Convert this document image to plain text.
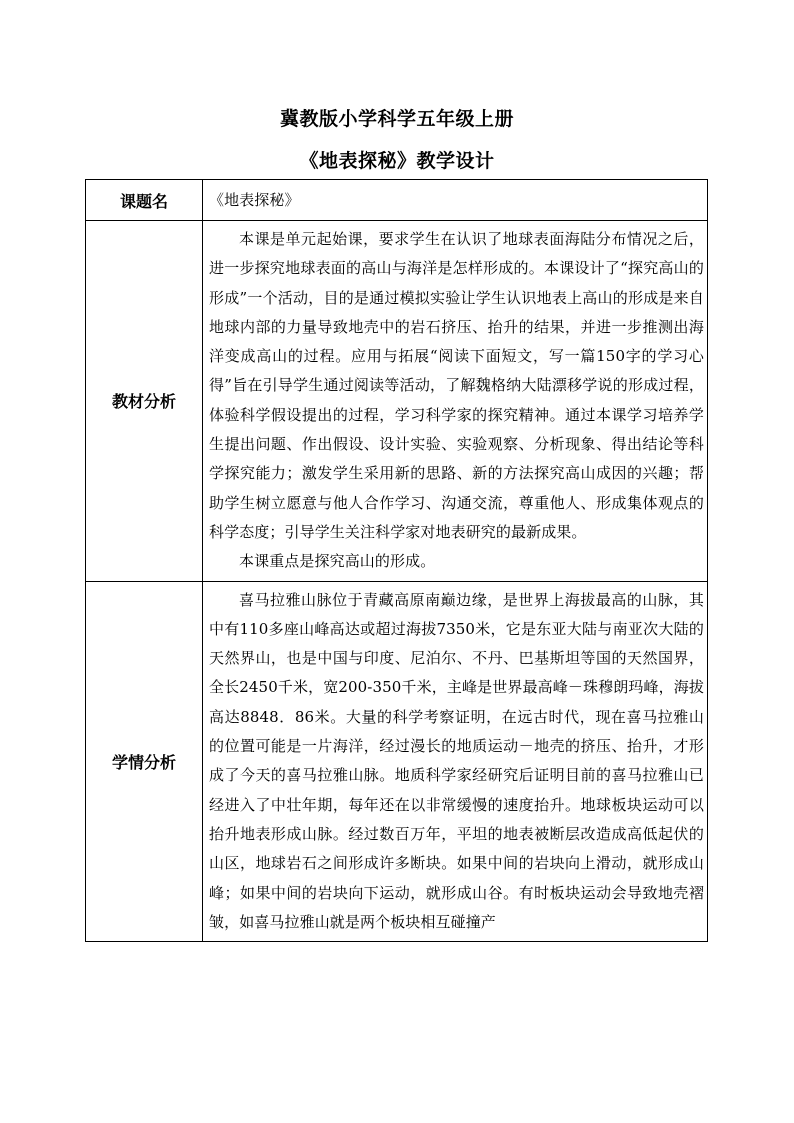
冀教版小学科学五年级上册
《地表探秘》教学设计
课题名	《地表探秘》
教材分析	本课是单元起始课，要求学生在认识了地球表面海陆分布情况之后，进一步探究地球表面的高山与海洋是怎样形成的。本课设计了“探究高山的形成”一个活动，目的是通过模拟实验让学生认识地表上高山的形成是来自地球内部的力量导致地壳中的岩石挤压、抬升的结果，并进一步推测出海洋变成高山的过程。应用与拓展“阅读下面短文，写一篇150字的学习心得”旨在引导学生通过阅读等活动，了解魏格纳大陆漂移学说的形成过程，体验科学假设提出的过程，学习科学家的探究精神。通过本课学习培养学生提出问题、作出假设、设计实验、实验观察、分析现象、得出结论等科学探究能力；激发学生采用新的思路、新的方法探究高山成因的兴趣；帮助学生树立愿意与他人合作学习、沟通交流，尊重他人、形成集体观点的科学态度；引导学生关注科学家对地表研究的最新成果。

本课重点是探究高山的形成。

学情分析	喜马拉雅山脉位于青藏高原南巅边缘，是世界上海拔最高的山脉，其中有110多座山峰高达或超过海拔7350米，它是东亚大陆与南亚次大陆的天然界山，也是中国与印度、尼泊尔、不丹、巴基斯坦等国的天然国界，全长2450千米，宽200-350千米，主峰是世界最高峰－珠穆朗玛峰，海拔高达8848．86米。大量的科学考察证明，在远古时代，现在喜马拉雅山的位置可能是一片海洋，经过漫长的地质运动－地壳的挤压、抬升，才形成了今天的喜马拉雅山脉。地质科学家经研究后证明目前的喜马拉雅山已经进入了中壮年期，每年还在以非常缓慢的速度抬升。地球板块运动可以抬升地表形成山脉。经过数百万年，平坦的地表被断层改造成高低起伏的山区，地球岩石之间形成许多断块。如果中间的岩块向上滑动，就形成山峰；如果中间的岩块向下运动，就形成山谷。有时板块运动会导致地壳褶皱，如喜马拉雅山就是两个板块相互碰撞产
